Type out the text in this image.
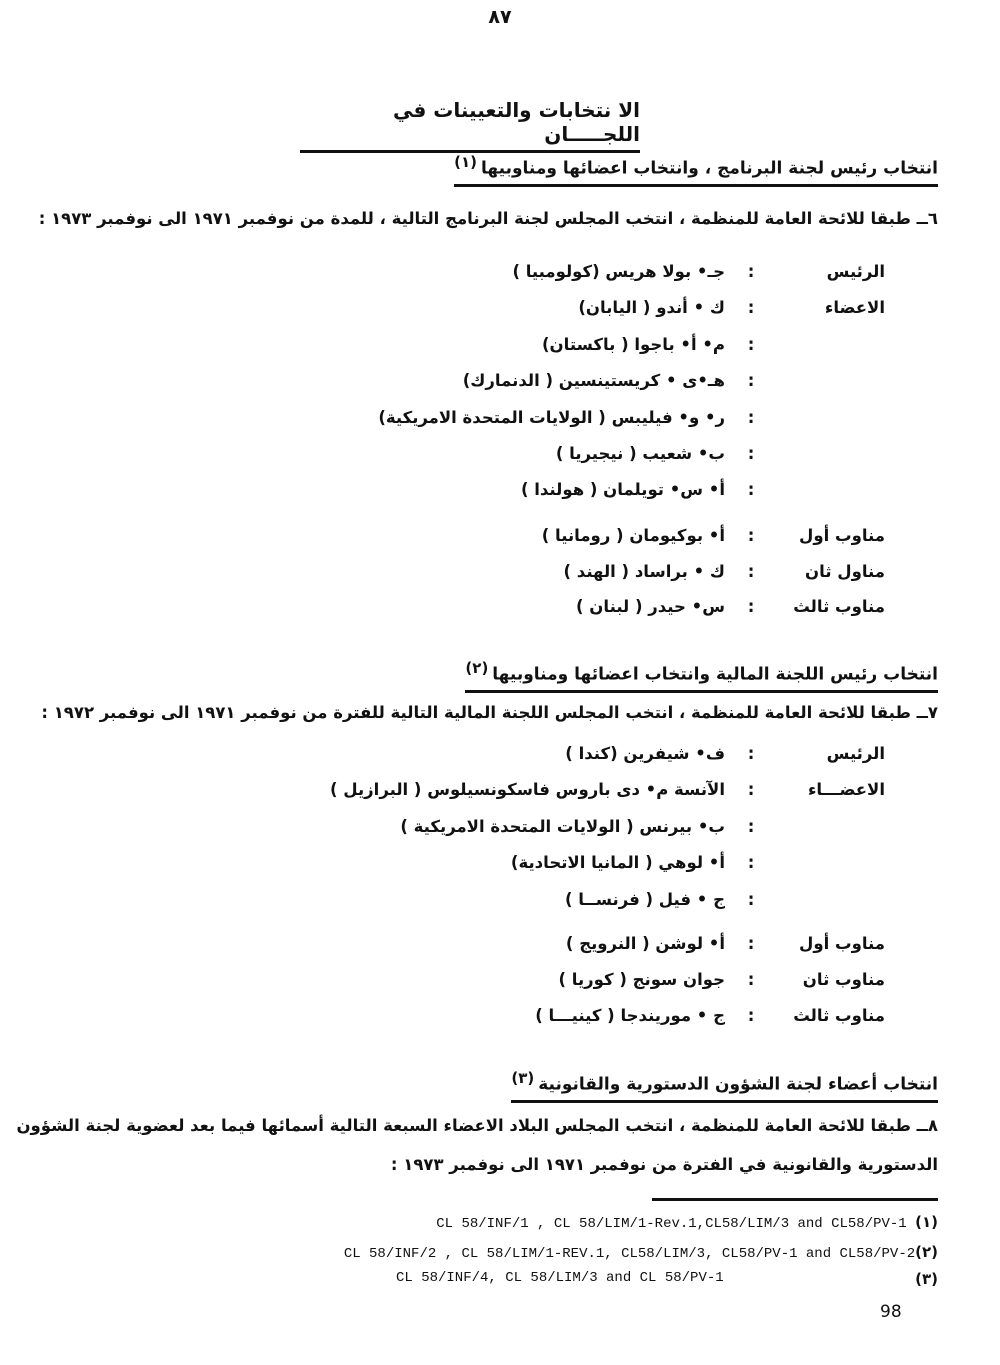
٨٧
الا نتخابات والتعيينات في اللجـــــان
انتخاب رئيس لجنة البرنامج ، وانتخاب اعضائها ومناوبيها(١)
٦ــ طبقا للائحة العامة للمنظمة ، انتخب المجلس لجنة البرنامج التالية ، للمدة من نوفمبر ١٩٧١ الى نوفمبر ١٩٧٣ :
الرئيس
:
جـ• بولا هريس (كولومبيا )
الاعضاء
:
ك • أندو ( اليابان)
:
م• أ• باجوا ( باكستان)
:
هـ•ى • كريستينسين ( الدنمارك)
:
ر• و• فيليبس ( الولايات المتحدة الامريكية)
:
ب• شعيب ( نيجيريا )
:
أ• س• تويلمان ( هولندا )
مناوب أول
:
أ• بوكيومان ( رومانيا )
مناول ثان
:
ك • براساد ( الهند )
مناوب ثالث
:
س• حيدر ( لبنان )
انتخاب رئيس اللجنة المالية وانتخاب اعضائها ومناوبيها(٢)
٧ــ طبقا للائحة العامة للمنظمة ، انتخب المجلس اللجنة المالية التالية للفترة من نوفمبر ١٩٧١ الى نوفمبر ١٩٧٢ :
الرئيس
:
ف• شيفرين (كندا )
الاعضـــاء
:
الآنسة م• دى باروس فاسكونسيلوس ( البرازيل )
:
ب• بيرنس ( الولايات المتحدة الامريكية )
:
أ• لوهي ( المانيا الاتحادية)
:
ج • فيل ( فرنســا )
مناوب أول
:
أ• لوشن ( النرويج )
مناوب ثان
:
جوان سونج ( كوريا )
مناوب ثالث
:
ج • موريندجا ( كينيـــا )
انتخاب أعضاء لجنة الشؤون الدستورية والقانونية(٣)
٨ــ طبقا للائحة العامة للمنظمة ، انتخب المجلس البلاد الاعضاء السبعة التالية أسمائها فيما بعد لعضوية لجنة الشؤون
الدستورية والقانونية في الفترة من نوفمبر ١٩٧١ الى نوفمبر ١٩٧٣ :
CL 58/INF/1 , CL 58/LIM/1-Rev.1,CL58/LIM/3 and CL58/PV-1 (١)
CL 58/INF/2 , CL 58/LIM/1-REV.1, CL58/LIM/3, CL58/PV-1 and CL58/PV-2(٢)
CL 58/INF/4, CL 58/LIM/3 and CL 58/PV-1	(٣)
98
